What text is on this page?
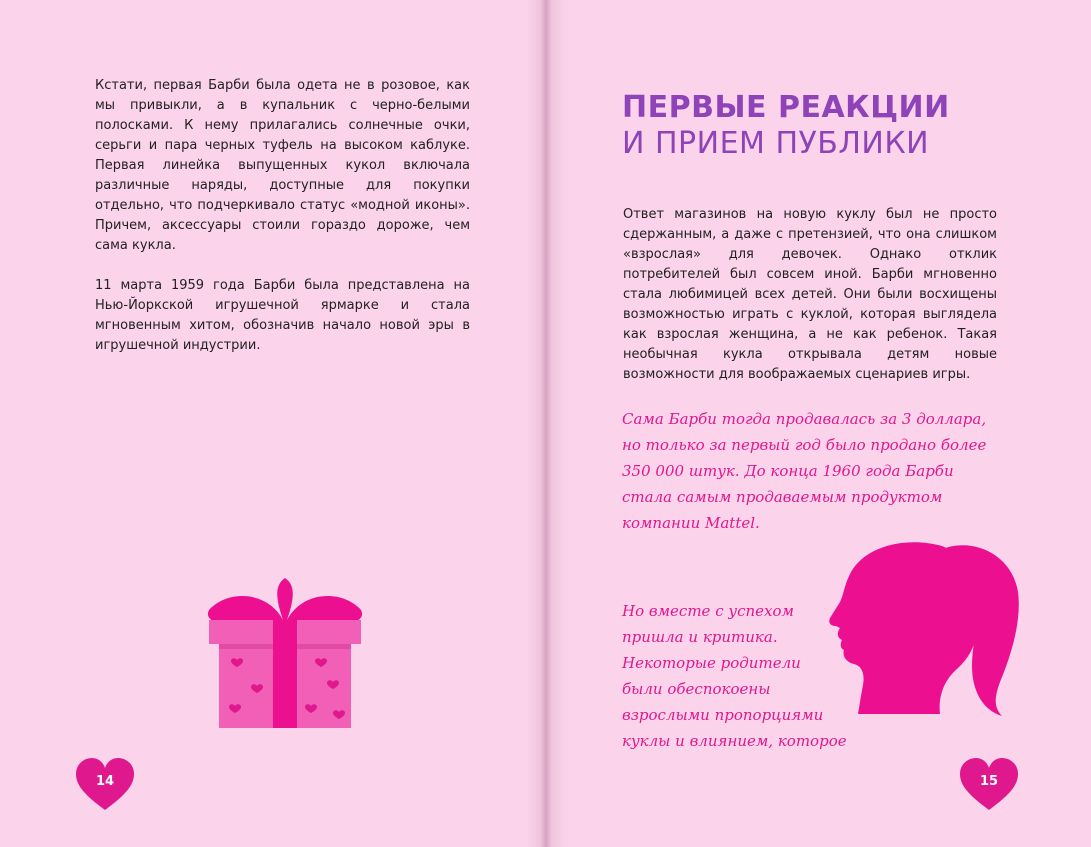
Кстати, первая Барби была одета не в розовое, как мы привыкли, а в купальник с черно-белыми полосками. К нему прилагались солнечные очки, серьги и пара черных туфель на высоком каблуке. Первая линейка выпущенных кукол включала различные наряды, доступные для покупки отдельно, что подчеркивало статус «модной иконы». Причем, аксессуары стоили гораздо дороже, чем сама кукла.

11 марта 1959 года Барби была представлена на Нью-Йоркской игрушечной ярмарке и стала мгновенным хитом, обозначив начало новой эры в игрушечной индустрии.

14
ПЕРВЫЕ РЕАКЦИИ
И ПРИЕМ ПУБЛИКИ

Ответ магазинов на новую куклу был не просто сдержанным, а даже с претензией, что она слишком «взрослая» для девочек. Однако отклик потребителей был совсем иной. Барби мгновенно стала любимицей всех детей. Они были восхищены возможностью играть с куклой, которая выглядела как взрослая женщина, а не как ребенок. Такая необычная кукла открывала детям новые возможности для воображаемых сценариев игры.

Сама Барби тогда продавалась за 3 доллара,
но только за первый год было продано более
350 000 штук. До конца 1960 года Барби
стала самым продаваемым продуктом
компании Mattel.
Но вместе с успехом
пришла и критика.
Некоторые родители
были обеспокоены
взрослыми пропорциями
куклы и влиянием, которое
15
